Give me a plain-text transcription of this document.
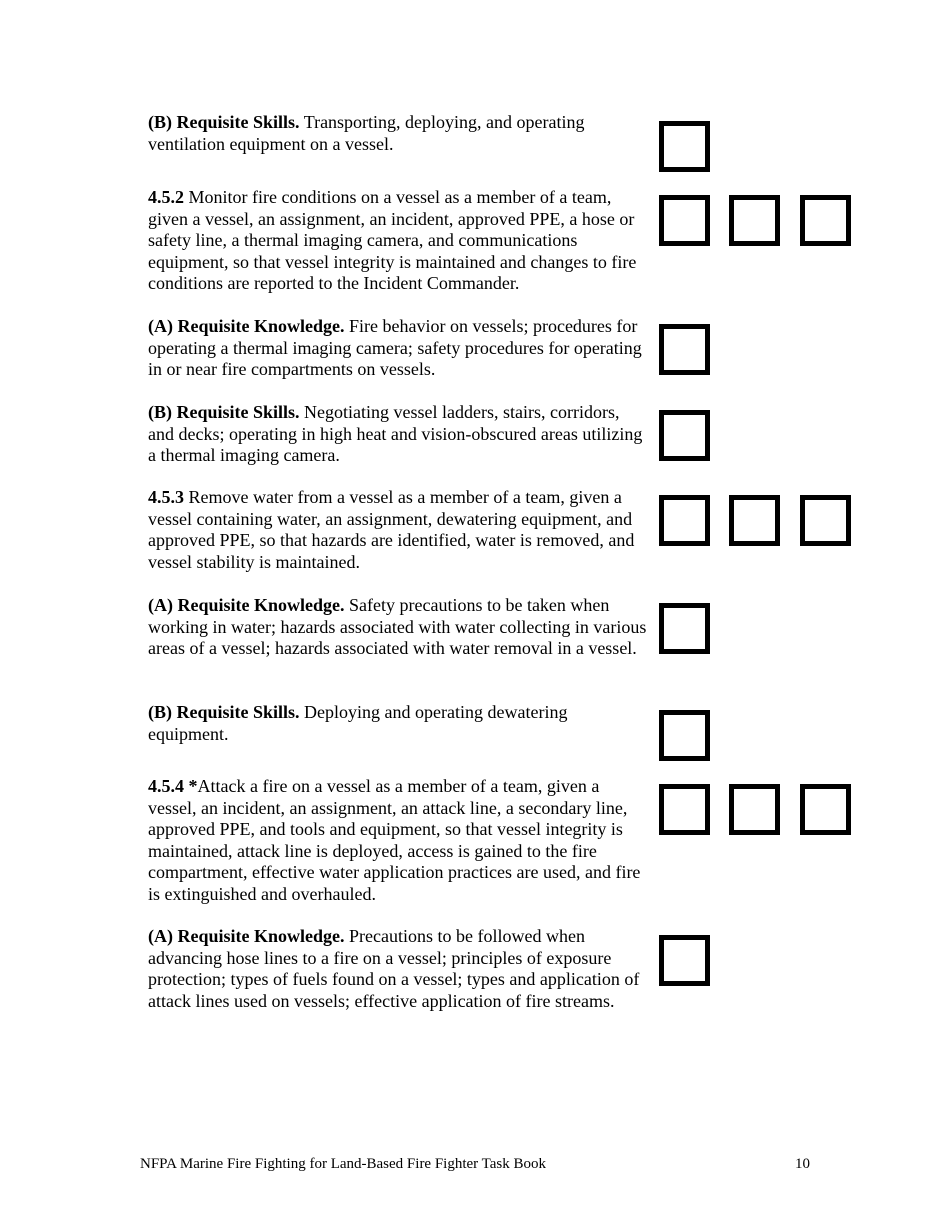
(B) Requisite Skills. Transporting, deploying, and operating ventilation equipment on a vessel.

4.5.2 Monitor fire conditions on a vessel as a member of a team, given a vessel, an assignment, an incident, approved PPE, a hose or safety line, a thermal imaging camera, and communications equipment, so that vessel integrity is maintained and changes to fire conditions are reported to the Incident Commander.

(A) Requisite Knowledge. Fire behavior on vessels; procedures for operating a thermal imaging camera; safety procedures for operating in or near fire compartments on vessels.

(B) Requisite Skills. Negotiating vessel ladders, stairs, corridors, and decks; operating in high heat and vision-obscured areas utilizing a thermal imaging camera.

4.5.3 Remove water from a vessel as a member of a team, given a vessel containing water, an assignment, dewatering equipment, and approved PPE, so that hazards are identified, water is removed, and vessel stability is maintained.

(A) Requisite Knowledge. Safety precautions to be taken when working in water; hazards associated with water collecting in various areas of a vessel; hazards associated with water removal in a vessel.

(B) Requisite Skills. Deploying and operating dewatering equipment.

4.5.4 *Attack a fire on a vessel as a member of a team, given a vessel, an incident, an assignment, an attack line, a secondary line, approved PPE, and tools and equipment, so that vessel integrity is maintained, attack line is deployed, access is gained to the fire compartment, effective water application practices are used, and fire is extinguished and overhauled.

(A) Requisite Knowledge. Precautions to be followed when advancing hose lines to a fire on a vessel; principles of exposure protection; types of fuels found on a vessel; types and application of attack lines used on vessels; effective application of fire streams.

NFPA Marine Fire Fighting for Land-Based Fire Fighter Task Book	10
